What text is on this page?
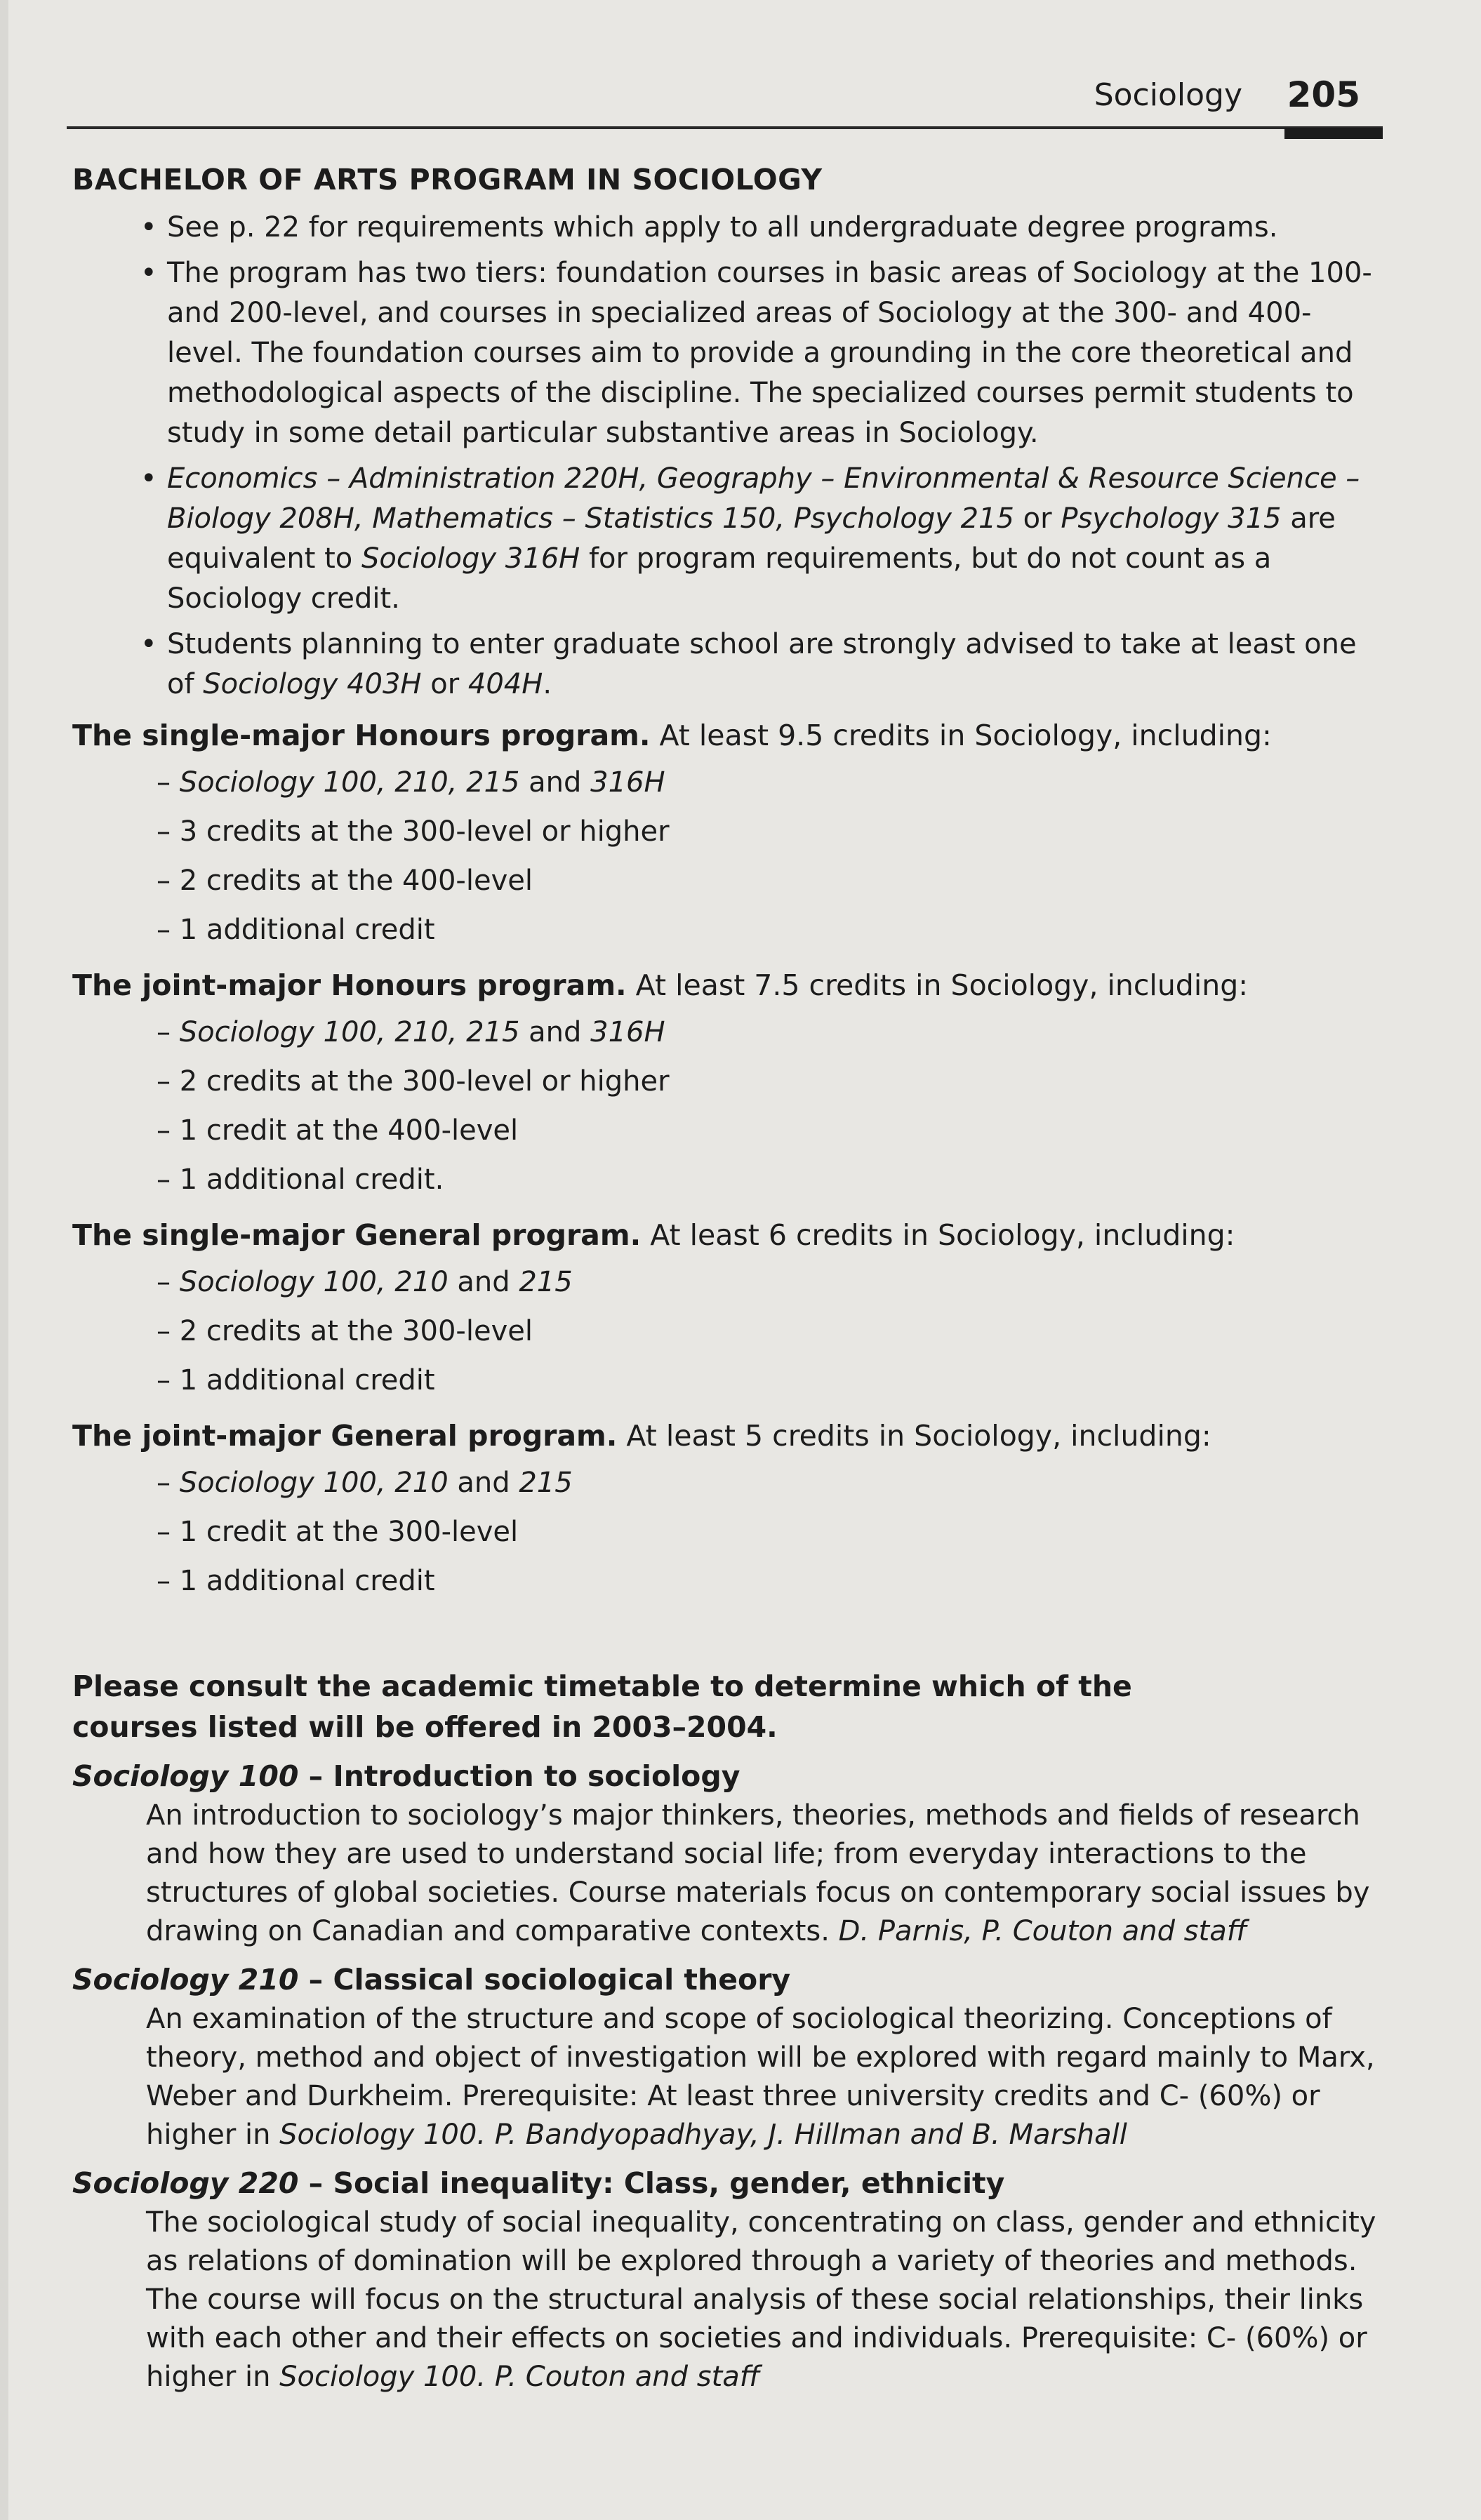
Sociology 205
BACHELOR OF ARTS PROGRAM IN SOCIOLOGY
• See p. 22 for requirements which apply to all undergraduate degree programs.
• The program has two tiers: foundation courses in basic areas of Sociology at the 100- and 200-level, and courses in specialized areas of Sociology at the 300- and 400-level. The foundation courses aim to provide a grounding in the core theoretical and methodological aspects of the discipline. The specialized courses permit students to study in some detail particular substantive areas in Sociology.
• Economics – Administration 220H, Geography – Environmental & Resource Science – Biology 208H, Mathematics – Statistics 150, Psychology 215 or Psychology 315 are equivalent to Sociology 316H for program requirements, but do not count as a Sociology credit.
• Students planning to enter graduate school are strongly advised to take at least one of Sociology 403H or 404H.
The single-major Honours program. At least 9.5 credits in Sociology, including:
– Sociology 100, 210, 215 and 316H
– 3 credits at the 300-level or higher
– 2 credits at the 400-level
– 1 additional credit
The joint-major Honours program. At least 7.5 credits in Sociology, including:
– Sociology 100, 210, 215 and 316H
– 2 credits at the 300-level or higher
– 1 credit at the 400-level
– 1 additional credit.
The single-major General program. At least 6 credits in Sociology, including:
– Sociology 100, 210 and 215
– 2 credits at the 300-level
– 1 additional credit
The joint-major General program. At least 5 credits in Sociology, including:
– Sociology 100, 210 and 215
– 1 credit at the 300-level
– 1 additional credit
Please consult the academic timetable to determine which of the courses listed will be offered in 2003–2004.
Sociology 100 – Introduction to sociology
An introduction to sociology’s major thinkers, theories, methods and fields of research and how they are used to understand social life; from everyday interactions to the structures of global societies. Course materials focus on contemporary social issues by drawing on Canadian and comparative contexts. D. Parnis, P. Couton and staff
Sociology 210 – Classical sociological theory
An examination of the structure and scope of sociological theorizing. Conceptions of theory, method and object of investigation will be explored with regard mainly to Marx, Weber and Durkheim. Prerequisite: At least three university credits and C- (60%) or higher in Sociology 100. P. Bandyopadhyay, J. Hillman and B. Marshall
Sociology 220 – Social inequality: Class, gender, ethnicity
The sociological study of social inequality, concentrating on class, gender and ethnicity as relations of domination will be explored through a variety of theories and methods. The course will focus on the structural analysis of these social relationships, their links with each other and their effects on societies and individuals. Prerequisite: C- (60%) or higher in Sociology 100. P. Couton and staff
